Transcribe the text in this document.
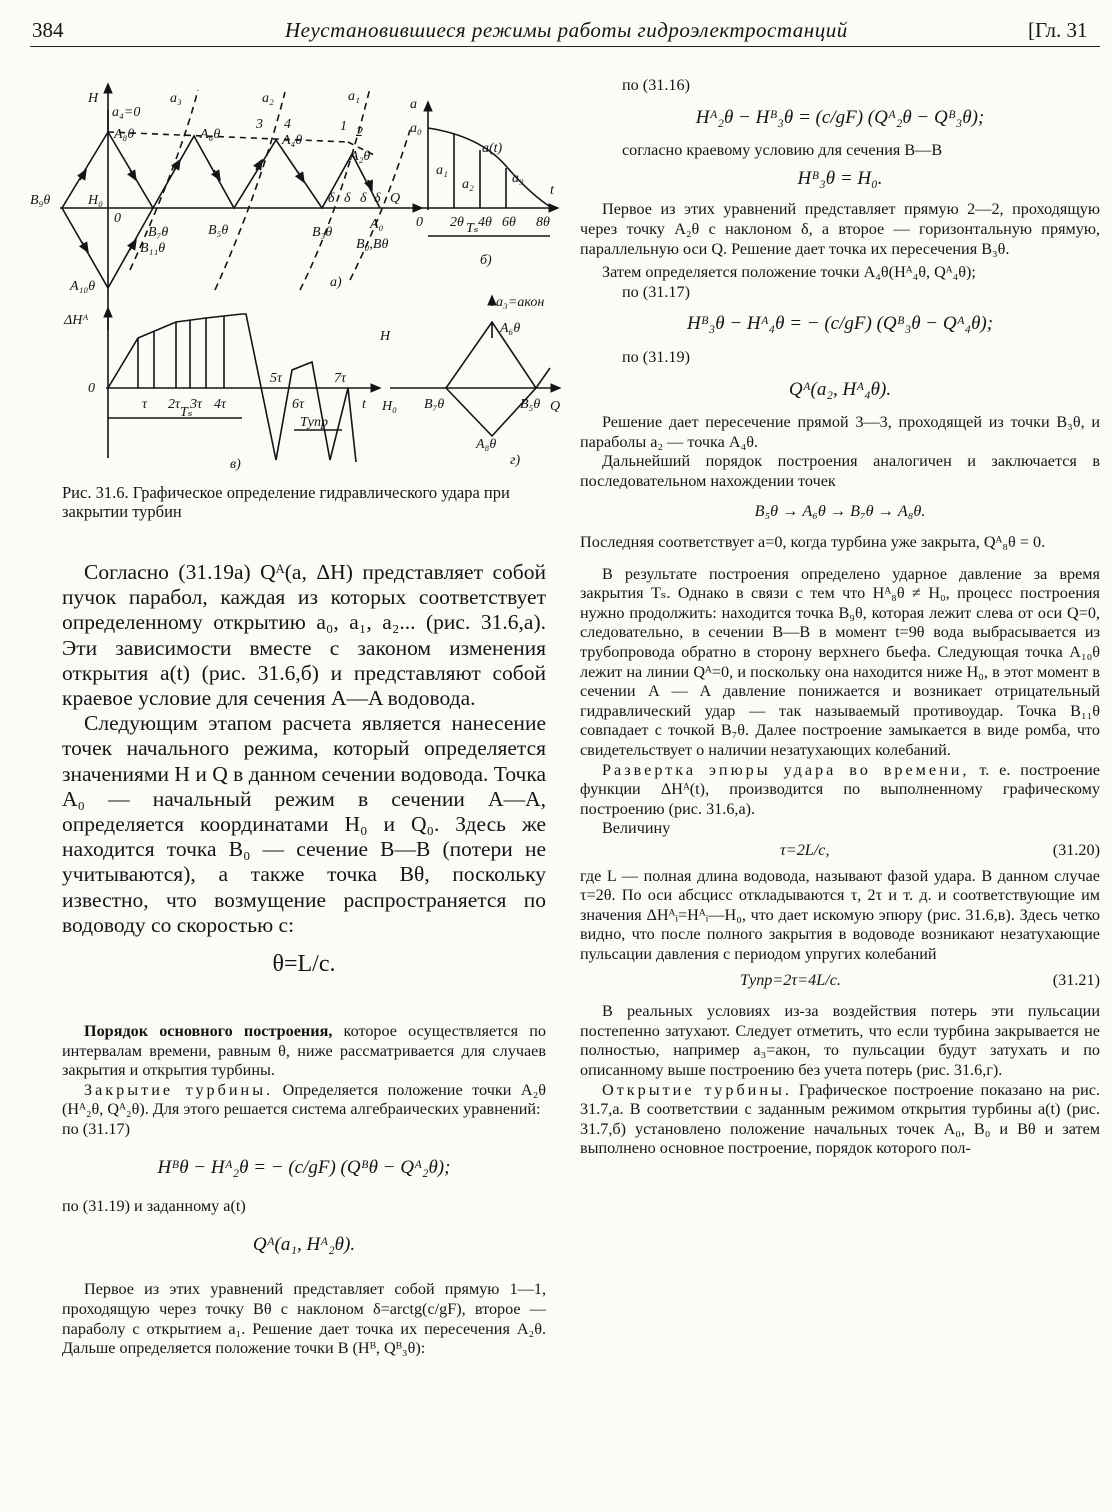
384	Неустановившиеся режимы работы гидроэлектростанций	[Гл. 31
H
a₄=0
a₃	a₂	a₁
A₈θ	A₆θ	A₄θ
A₂θ
3 4	1 2
B₉θ	H₀
0
B₇θ
B₁₁θ
B₅θ	B₃θ
A₀
B₀,Bθ
Q
A₁₀θ	a)
δ δ δ δ
a
a₀
a(t)
a₁
a₂	a₃
t
0 2θ 4θ 6θ 8θ
Tₛ
б)
ΔHᴬ
0
τ 2τ 3τ 4τ
5τ
6τ
7τ
t
Tₛ
Tупр
в)
H
a₃=aкон
A₆θ
B₇θ	B₅θ Q
H₀
A₈θ
г)
Рис. 31.6. Графическое определение гидравлического удара при закрытии турбин

Согласно (31.19а) Qᴬ(a, ΔH) представляет собой пучок парабол, каждая из которых соответствует определенному открытию a₀, a₁, a₂... (рис. 31.6,а). Эти зависимости вместе с законом изменения открытия a(t) (рис. 31.6,б) и представляют собой краевое условие для сечения A—A водовода.

Следующим этапом расчета является нанесение точек начального режима, который определяется значениями H и Q в данном сечении водовода. Точка A₀ — начальный режим в сечении A—A, определяется координатами H₀ и Q₀. Здесь же находится точка B₀ — сечение B—B (потери не учитываются), а также точка Bθ, поскольку известно, что возмущение распространяется по водоводу со скоростью c:

θ=L/c.

Порядок основного построения, которое осуществляется по интервалам времени, равным θ, ниже рассматривается для случаев закрытия и открытия турбины.

Закрытие турбины. Определяется положение точки A₂θ (Hᴬ₂θ, Qᴬ₂θ). Для этого решается система алгебраических уравнений:

по (31.17)

Hᴮθ − Hᴬ₂θ = − (c/gF) (Qᴮθ − Qᴬ₂θ);

по (31.19) и заданному a(t)

Qᴬ(a₁, Hᴬ₂θ).

Первое из этих уравнений представляет собой прямую 1—1, проходящую через точку Bθ с наклоном δ=arctg(c/gF), второе — параболу с открытием a₁. Решение дает точка их пересечения A₂θ. Дальше определяется положение точки B (Hᴮ, Qᴮ₃θ):

по (31.16)

Hᴬ₂θ − Hᴮ₃θ = (c/gF) (Qᴬ₂θ − Qᴮ₃θ);

согласно краевому условию для сечения B—B

Hᴮ₃θ = H₀.

Первое из этих уравнений представляет прямую 2—2, проходящую через точку A₂θ с наклоном δ, а второе — горизонтальную прямую, параллельную оси Q. Решение дает точка их пересечения B₃θ.

Затем определяется положение точки A₄θ(Hᴬ₄θ, Qᴬ₄θ);

по (31.17)

Hᴮ₃θ − Hᴬ₄θ = − (c/gF) (Qᴮ₃θ − Qᴬ₄θ);

по (31.19)

Qᴬ(a₂, Hᴬ₄θ).

Решение дает пересечение прямой 3—3, проходящей из точки B₃θ, и параболы a₂ — точка A₄θ.

Дальнейший порядок построения аналогичен и заключается в последовательном нахождении точек

B₅θ → A₆θ → B₇θ → A₈θ.

Последняя соответствует a=0, когда турбина уже закрыта, Qᴬ₈θ = 0.

В результате построения определено ударное давление за время закрытия Tₛ. Однако в связи с тем что Hᴬ₈θ ≠ H₀, процесс построения нужно продолжить: находится точка B₉θ, которая лежит слева от оси Q=0, следовательно, в сечении B—B в момент t=9θ вода выбрасывается из трубопровода обратно в сторону верхнего бьефа. Следующая точка A₁₀θ лежит на линии Qᴬ=0, и поскольку она находится ниже H₀, в этот момент в сечении A — A давление понижается и возникает отрицательный гидравлический удар — так называемый противоудар. Точка B₁₁θ совпадает с точкой B₇θ. Далее построение замыкается в виде ромба, что свидетельствует о наличии незатухающих колебаний.

Развертка эпюры удара во времени, т. е. построение функции ΔHᴬ(t), производится по выполненному графическому построению (рис. 31.6,а).

Величину

τ=2L/c,	(31.20)

где L — полная длина водовода, называют фазой удара. В данном случае τ=2θ. По оси абсцисс откладываются τ, 2τ и т. д. и соответствующие им значения ΔHᴬᵢ=Hᴬᵢ—H₀, что дает искомую эпюру (рис. 31.6,в). Здесь четко видно, что после полного закрытия в водоводе возникают незатухающие пульсации давления с периодом упругих колебаний

Tупр=2τ=4L/c.	(31.21)

В реальных условиях из-за воздействия потерь эти пульсации постепенно затухают. Следует отметить, что если турбина закрывается не полностью, например a₃=aкон, то пульсации будут затухать и по описанному выше построению без учета потерь (рис. 31.6,г).

Открытие турбины. Графическое построение показано на рис. 31.7,а. В соответствии с заданным режимом открытия турбины a(t) (рис. 31.7,б) установлено положение начальных точек A₀, B₀ и Bθ и затем выполнено основное построение, порядок которого пол-
